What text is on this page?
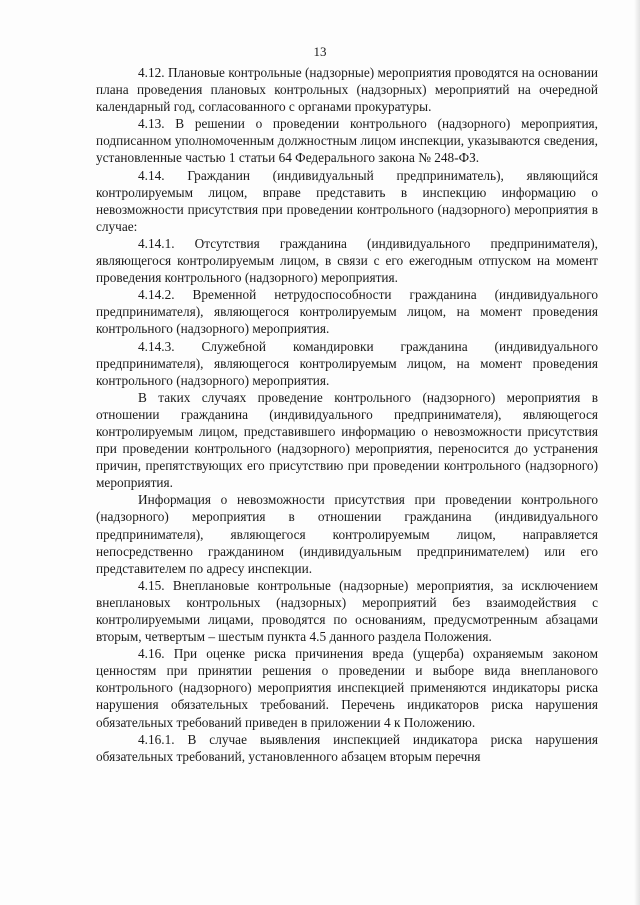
13

4.12. Плановые контрольные (надзорные) мероприятия проводятся на основании плана проведения плановых контрольных (надзорных) мероприятий на очередной календарный год, согласованного с органами прокуратуры.

4.13. В решении о проведении контрольного (надзорного) мероприятия, подписанном уполномоченным должностным лицом инспекции, указываются сведения, установленные частью 1 статьи 64 Федерального закона № 248-ФЗ.

4.14. Гражданин (индивидуальный предприниматель), являющийся контролируемым лицом, вправе представить в инспекцию информацию о невозможности присутствия при проведении контрольного (надзорного) мероприятия в случае:

4.14.1. Отсутствия гражданина (индивидуального предпринимателя), являющегося контролируемым лицом, в связи с его ежегодным отпуском на момент проведения контрольного (надзорного) мероприятия.

4.14.2. Временной нетрудоспособности гражданина (индивидуального предпринимателя), являющегося контролируемым лицом, на момент проведения контрольного (надзорного) мероприятия.

4.14.3. Служебной командировки гражданина (индивидуального предпринимателя), являющегося контролируемым лицом, на момент проведения контрольного (надзорного) мероприятия.

В таких случаях проведение контрольного (надзорного) мероприятия в отношении гражданина (индивидуального предпринимателя), являющегося контролируемым лицом, представившего информацию о невозможности присутствия при проведении контрольного (надзорного) мероприятия, переносится до устранения причин, препятствующих его присутствию при проведении контрольного (надзорного) мероприятия.

Информация о невозможности присутствия при проведении контрольного (надзорного) мероприятия в отношении гражданина (индивидуального предпринимателя), являющегося контролируемым лицом, направляется непосредственно гражданином (индивидуальным предпринимателем) или его представителем по адресу инспекции.

4.15. Внеплановые контрольные (надзорные) мероприятия, за исключением внеплановых контрольных (надзорных) мероприятий без взаимодействия с контролируемыми лицами, проводятся по основаниям, предусмотренным абзацами вторым, четвертым – шестым пункта 4.5 данного раздела Положения.

4.16. При оценке риска причинения вреда (ущерба) охраняемым законом ценностям при принятии решения о проведении и выборе вида внепланового контрольного (надзорного) мероприятия инспекцией применяются индикаторы риска нарушения обязательных требований. Перечень индикаторов риска нарушения обязательных требований приведен в приложении 4 к Положению.

4.16.1. В случае выявления инспекцией индикатора риска нарушения обязательных требований, установленного абзацем вторым перечня
